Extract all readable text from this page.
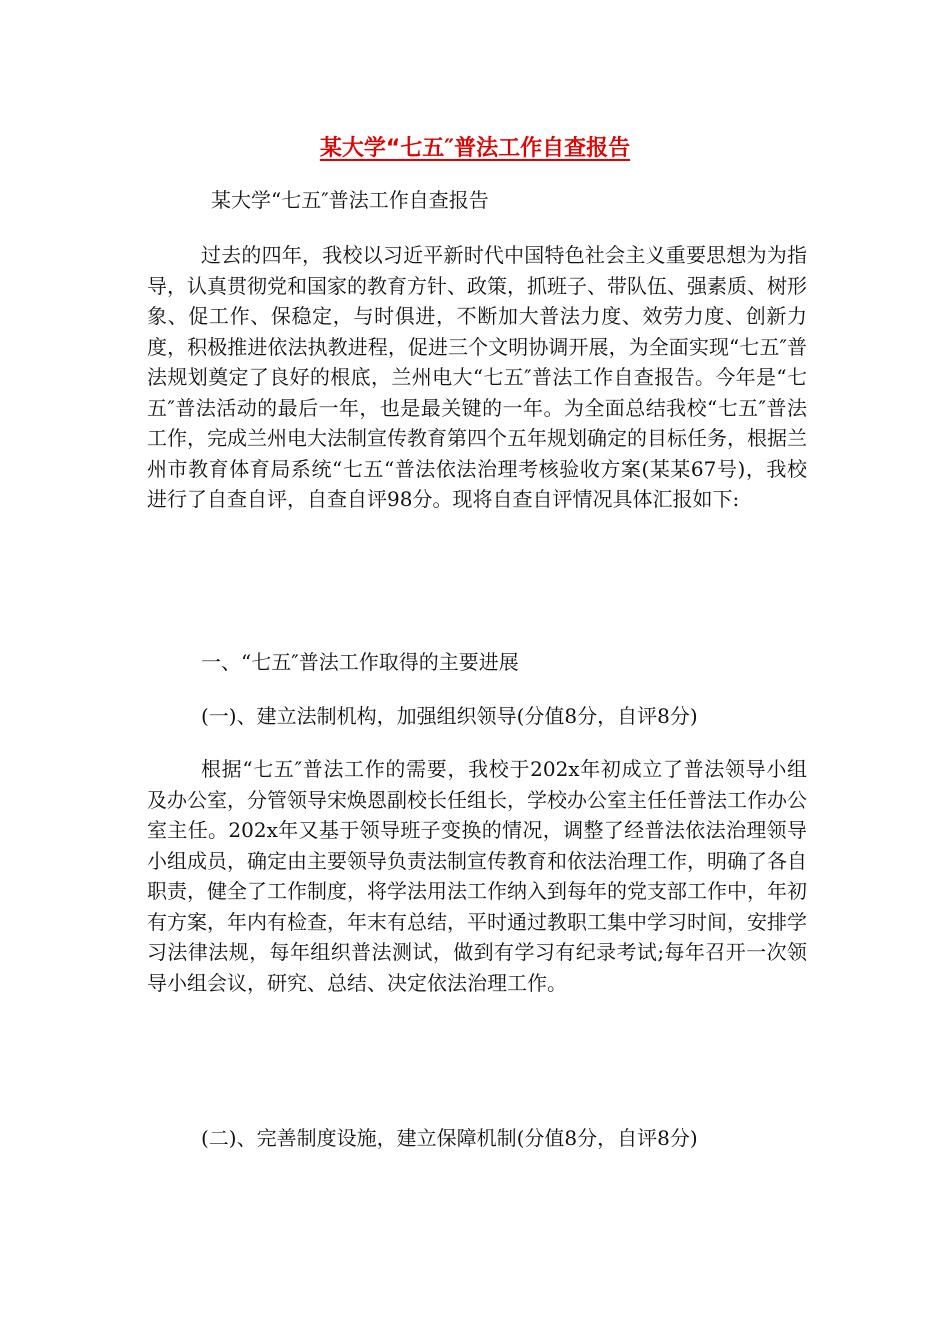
某大学“七五″普法工作自查报告

某大学“七五″普法工作自查报告

过去的四年，我校以习近平新时代中国特色社会主义重要思想为为指导，认真贯彻党和国家的教育方针、政策，抓班子、带队伍、强素质、树形象、促工作、保稳定，与时俱进，不断加大普法力度、效劳力度、创新力度，积极推进依法执教进程，促进三个文明协调开展，为全面实现“七五″普法规划奠定了良好的根底，兰州电大“七五″普法工作自查报告。今年是“七五″普法活动的最后一年，也是最关键的一年。为全面总结我校“七五″普法工作，完成兰州电大法制宣传教育第四个五年规划确定的目标任务，根据兰州市教育体育局系统“七五“普法依法治理考核验收方案(某某67号)，我校进行了自查自评，自查自评98分。现将自查自评情况具体汇报如下:

一、“七五″普法工作取得的主要进展

(一)、建立法制机构，加强组织领导(分值8分，自评8分)

根据“七五″普法工作的需要，我校于202x年初成立了普法领导小组及办公室，分管领导宋焕恩副校长任组长，学校办公室主任任普法工作办公室主任。202x年又基于领导班子变换的情况，调整了经普法依法治理领导小组成员，确定由主要领导负责法制宣传教育和依法治理工作，明确了各自职责，健全了工作制度，将学法用法工作纳入到每年的党支部工作中，年初有方案，年内有检查，年末有总结，平时通过教职工集中学习时间，安排学习法律法规，每年组织普法测试，做到有学习有纪录考试;每年召开一次领导小组会议，研究、总结、决定依法治理工作。

(二)、完善制度设施，建立保障机制(分值8分，自评8分)
